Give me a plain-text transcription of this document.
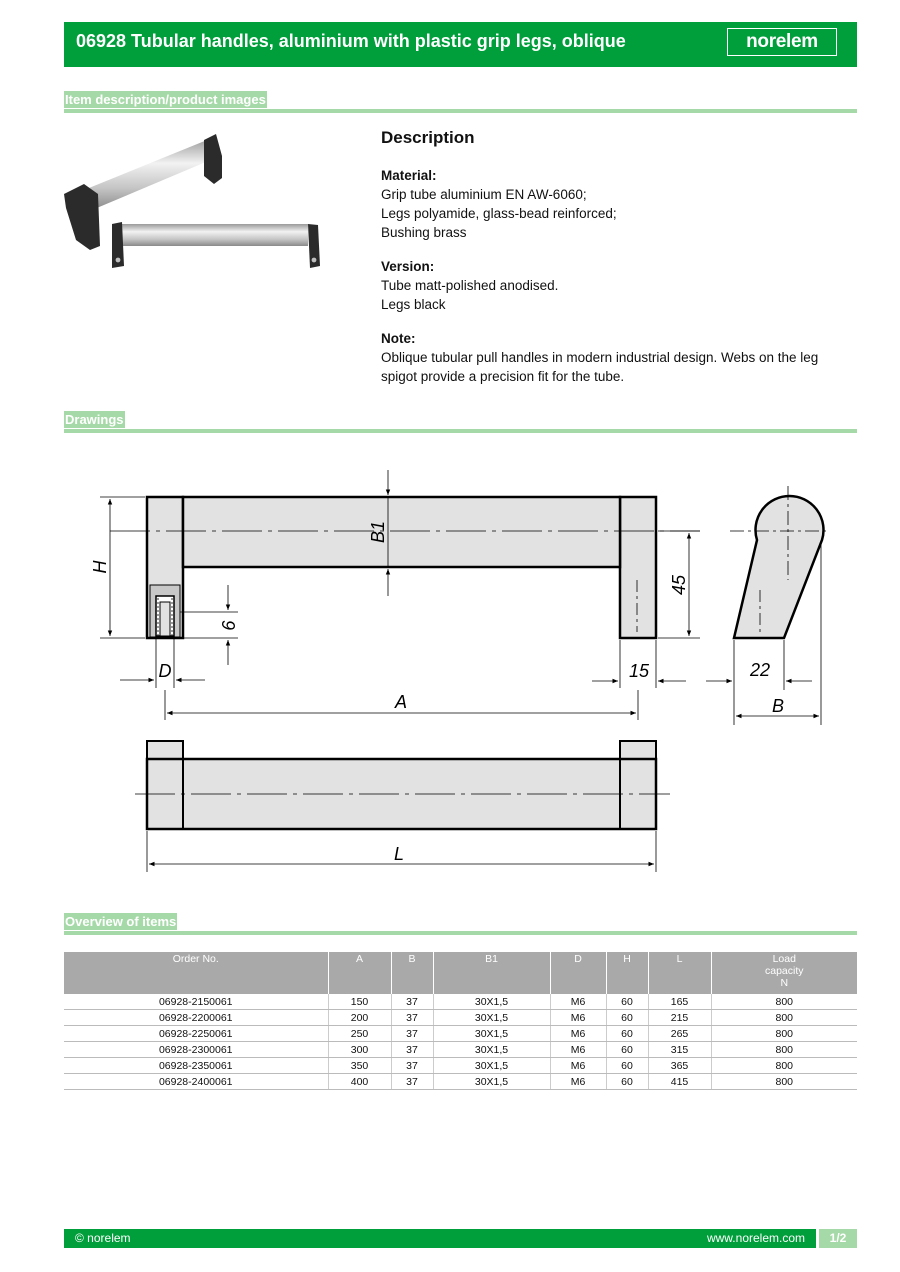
06928 Tubular handles, aluminium with plastic grip legs, oblique	norelem
Item description/product images
Description
Material:
Grip tube aluminium EN AW-6060;
Legs polyamide, glass-bead reinforced;
Bushing brass
Version:
Tube matt-polished anodised.
Legs black
Note:
Oblique tubular pull handles in modern industrial design. Webs on the leg spigot provide a precision fit for the tube.
Drawings
H
B1
9
D
A
45
15	22
B
L
Overview of items
Order No.	A	B	B1	D	H	L	Load
capacity
N
06928-2150061	150	37	30X1,5	M6	60	165	800
06928-2200061	200	37	30X1,5	M6	60	215	800
06928-2250061	250	37	30X1,5	M6	60	265	800
06928-2300061	300	37	30X1,5	M6	60	315	800
06928-2350061	350	37	30X1,5	M6	60	365	800
06928-2400061	400	37	30X1,5	M6	60	415	800
© norelem	www.norelem.com	1/2
